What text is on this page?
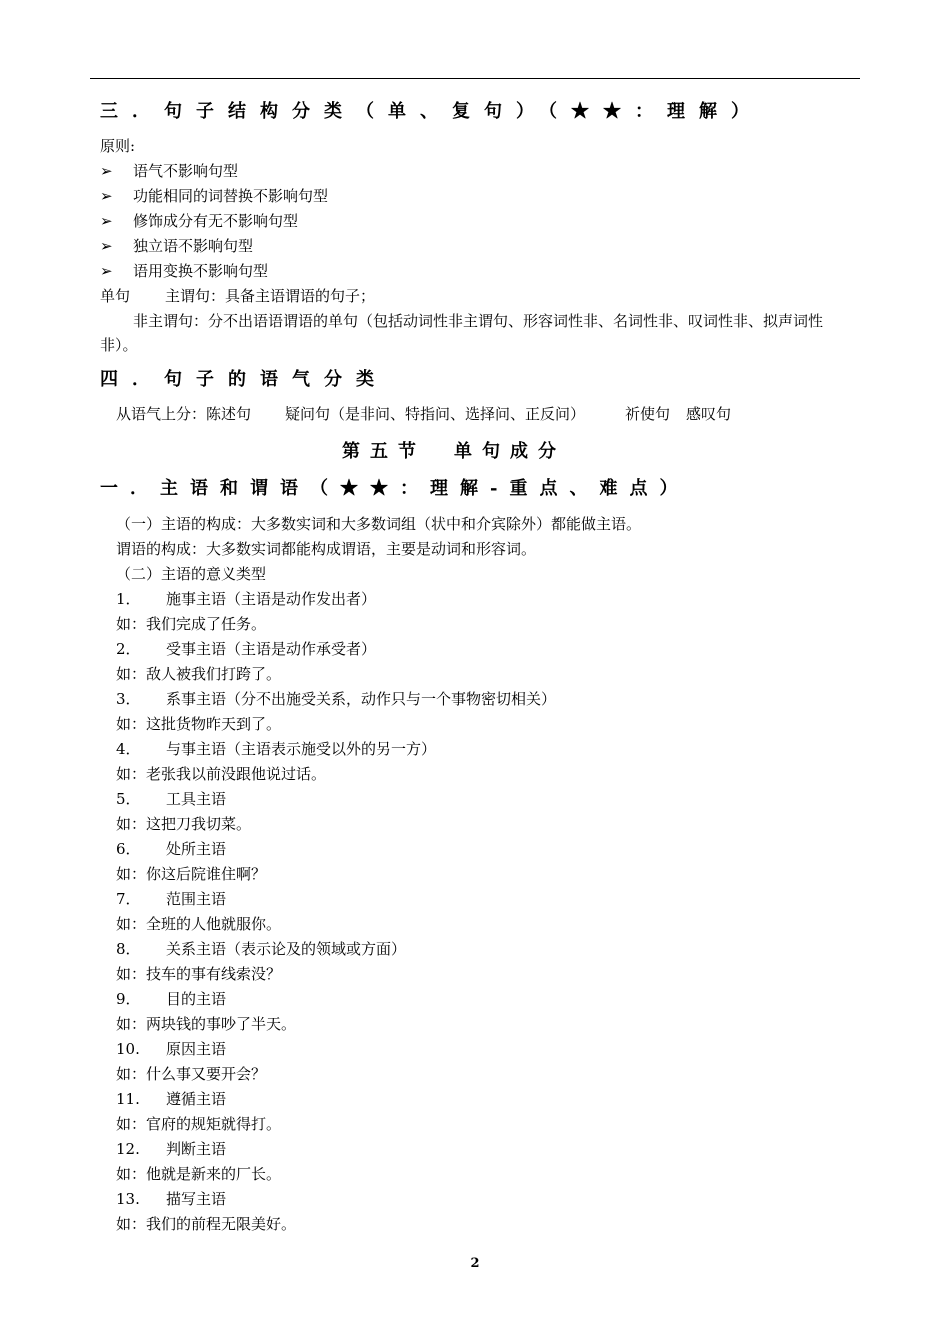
三．句子结构分类（单、复句）（★★：理解）
原则:
➢ 语气不影响句型
➢ 功能相同的词替换不影响句型
➢ 修饰成分有无不影响句型
➢ 独立语不影响句型
➢ 语用变换不影响句型
单句 主谓句：具备主语谓语的句子；
非主谓句：分不出语语谓语的单句（包括动词性非主谓句、形容词性非、名词性非、叹词性非、拟声词性非）。
四．句子的语气分类
从语气上分：陈述句 疑问句（是非问、特指问、选择问、正反问）	祈使句 感叹句
第五节　单句成分
一．主语和谓语（★★：理解-重点、难点）
（一）主语的构成：大多数实词和大多数词组（状中和介宾除外）都能做主语。
谓语的构成：大多数实词都能构成谓语，主要是动词和形容词。
（二）主语的意义类型
1． 施事主语（主语是动作发出者）
如：我们完成了任务。
2． 受事主语（主语是动作承受者）
如：敌人被我们打跨了。
3． 系事主语（分不出施受关系，动作只与一个事物密切相关）
如：这批货物昨天到了。
4． 与事主语（主语表示施受以外的另一方）
如：老张我以前没跟他说过话。
5． 工具主语
如：这把刀我切菜。
6． 处所主语
如：你这后院谁住啊？
7． 范围主语
如：全班的人他就服你。
8． 关系主语（表示论及的领域或方面）
如：技车的事有线索没？
9． 目的主语
如：两块钱的事吵了半天。
10. 原因主语
如：什么事又要开会？
11. 遵循主语
如：官府的规矩就得打。
12. 判断主语
如：他就是新来的厂长。
13. 描写主语
如：我们的前程无限美好。
2
